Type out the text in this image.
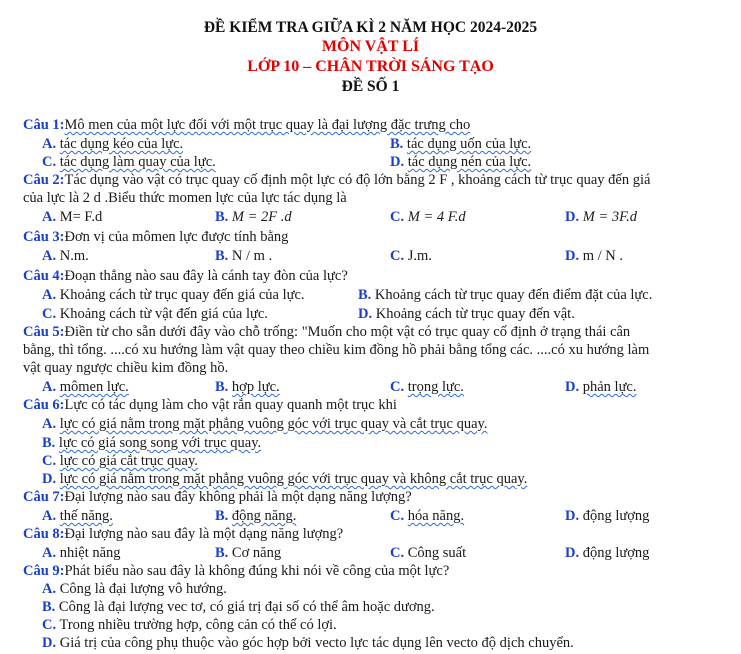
ĐỀ KIỂM TRA GIỮA KÌ 2 NĂM HỌC 2024-2025
MÔN VẬT LÍ
LỚP 10 – CHÂN TRỜI SÁNG TẠO
ĐỀ SỐ 1
Câu 1:Mô men của một lực đối với một trục quay là đại lượng đặc trưng cho
A. tác dụng kéo của lực.	B. tác dụng uốn của lực.
C. tác dụng làm quay của lực.	D. tác dụng nén của lực.
Câu 2:Tác dụng vào vật có trục quay cố định một lực có độ lớn bằng 2 F , khoảng cách từ trục quay đến giá
của lực là 2 d .Biểu thức momen lực của lực tác dụng là
A. M= F.d	B. M = 2F .d	C. M = 4 F.d	D. M = 3F.d
Câu 3:Đơn vị của mômen lực được tính bằng
A. N.m.	B. N / m .	C. J.m.	D. m / N .
Câu 4:Đoạn thẳng nào sau đây là cánh tay đòn của lực?
A. Khoảng cách từ trục quay đến giá của lực.	B. Khoảng cách từ trục quay đến điểm đặt của lực.
C. Khoảng cách từ vật đến giá của lực.	D. Khoảng cách từ trục quay đến vật.
Câu 5:Điền từ cho sẵn dưới đây vào chỗ trống: "Muốn cho một vật có trục quay cố định ở trạng thái cân
bằng, thì tổng. ....có xu hướng làm vật quay theo chiều kim đồng hồ phải bằng tổng các. ....có xu hướng làm
vật quay ngược chiều kim đồng hồ.
A. mômen lực.	B. hợp lực.	C. trọng lực.	D. phản lực.
Câu 6:Lực có tác dụng làm cho vật rắn quay quanh một trục khi
A. lực có giá nằm trong mặt phẳng vuông góc với trục quay và cắt trục quay.
B. lực có giá song song với trục quay.
C. lực có giá cắt trục quay.
D. lực có giá nằm trong mặt phẳng vuông góc với trục quay và không cắt trục quay.
Câu 7:Đại lượng nào sau đây không phải là một dạng năng lượng?
A. thế năng.	B. động năng.	C. hóa năng.	D. động lượng
Câu 8:Đại lượng nào sau đây là một dạng năng lượng?
A. nhiệt năng	B. Cơ năng	C. Công suất	D. động lượng
Câu 9:Phát biểu nào sau đây là không đúng khi nói về công của một lực?
A. Công là đại lượng vô hướng.
B. Công là đại lượng vec tơ, có giá trị đại số có thể âm hoặc dương.
C. Trong nhiều trường hợp, công cản có thể có lợi.
D. Giá trị của công phụ thuộc vào góc hợp bởi vecto lực tác dụng lên vecto độ dịch chuyển.
